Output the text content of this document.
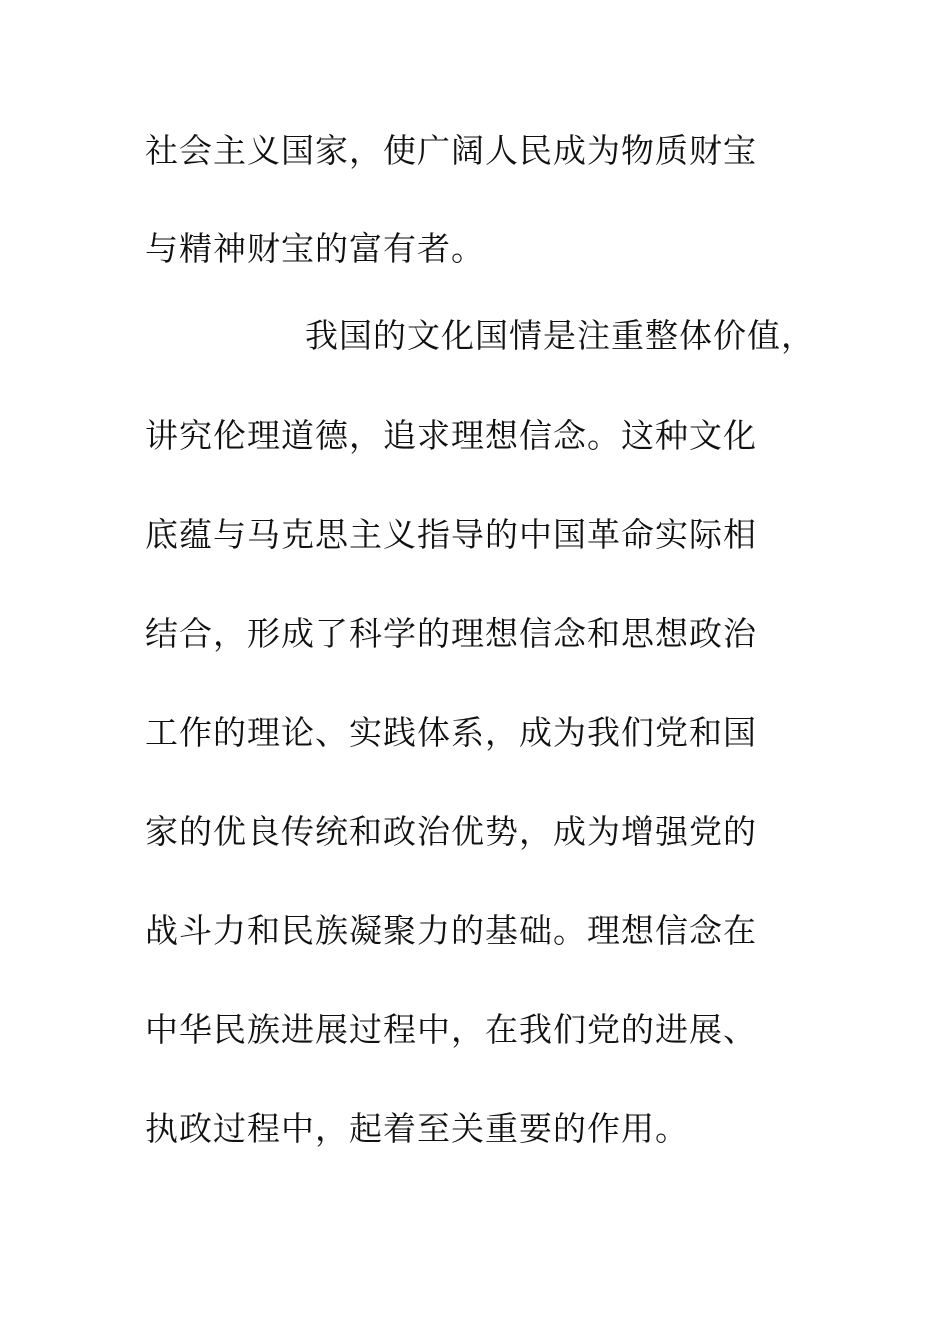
社会主义国家，使广阔人民成为物质财宝
与精神财宝的富有者。
我国的文化国情是注重整体价值，
讲究伦理道德，追求理想信念。这种文化
底蕴与马克思主义指导的中国革命实际相
结合，形成了科学的理想信念和思想政治
工作的理论、实践体系，成为我们党和国
家的优良传统和政治优势，成为增强党的
战斗力和民族凝聚力的基础。理想信念在
中华民族进展过程中，在我们党的进展、
执政过程中，起着至关重要的作用。
